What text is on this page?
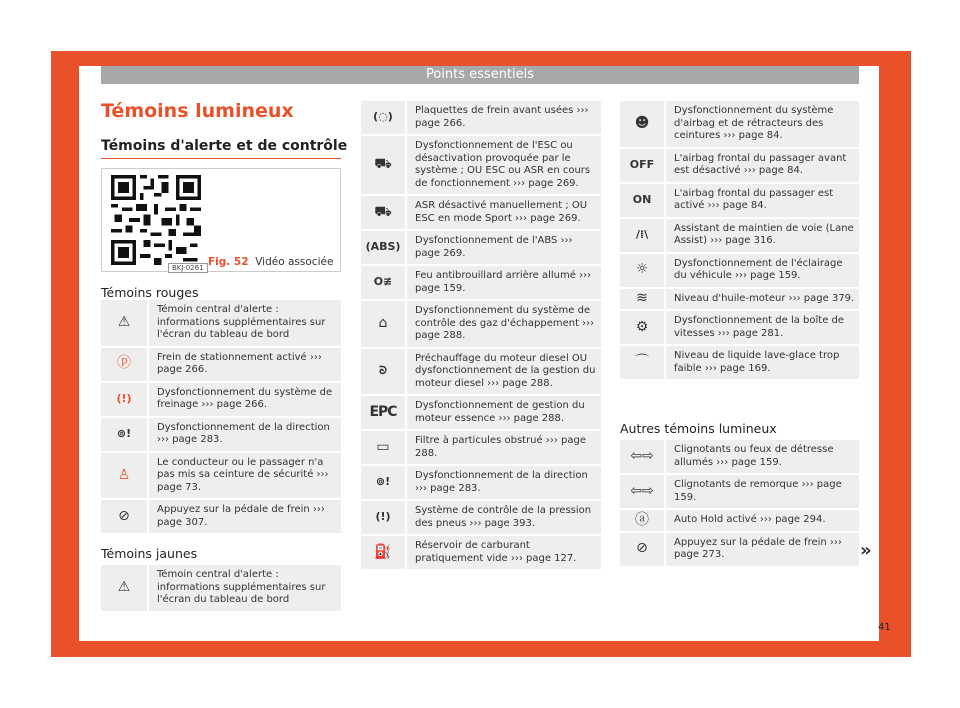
Points essentiels
Témoins lumineux
Témoins d'alerte et de contrôle
BKJ-0261 Fig. 52 Vidéo associée
Témoins rouges
⚠	Témoin central d'alerte : informations supplémentaires sur l'écran du tableau de bord
ⓟ	Frein de stationnement activé ››› page 266.
(!)	Dysfonctionnement du système de freinage ››› page 266.
⊚!	Dysfonctionnement de la direction ››› page 283.
♙	Le conducteur ou le passager n'a pas mis sa ceinture de sécurité ››› page 73.
⊘	Appuyez sur la pédale de frein ››› page 307.
Témoins jaunes
⚠	Témoin central d'alerte : informations supplémentaires sur l'écran du tableau de bord
(◌)	Plaquettes de frein avant usées ››› page 266.
⛟	Dysfonctionnement de l'ESC ou désactivation provoquée par le système ; OU ESC ou ASR en cours de fonctionnement ››› page 269.
⛟	ASR désactivé manuellement ; OU ESC en mode Sport ››› page 269.
(ABS)	Dysfonctionnement de l'ABS ››› page 269.
O≢	Feu antibrouillard arrière allumé ››› page 159.
⌂	Dysfonctionnement du système de contrôle des gaz d'échappement ››› page 288.
ᘐ	Préchauffage du moteur diesel OU dysfonctionnement de la gestion du moteur diesel ››› page 288.
EPC	Dysfonctionnement de gestion du moteur essence ››› page 288.
▭	Filtre à particules obstrué ››› page 288.
⊚!	Dysfonctionnement de la direction ››› page 283.
(!)	Système de contrôle de la pression des pneus ››› page 393.
⛽	Réservoir de carburant pratiquement vide ››› page 127.
☻	Dysfonctionnement du système d'airbag et de rétracteurs des ceintures ››› page 84.
OFF	L'airbag frontal du passager avant est désactivé ››› page 84.
ON	L'airbag frontal du passager est activé ››› page 84.
/⁞\	Assistant de maintien de voie (Lane Assist) ››› page 316.
☼	Dysfonctionnement de l'éclairage du véhicule ››› page 159.
≋	Niveau d'huile-moteur ››› page 379.
⚙	Dysfonctionnement de la boîte de vitesses ››› page 281.
⌒	Niveau de liquide lave-glace trop faible ››› page 169.
Autres témoins lumineux
⇦⇨	Clignotants ou feux de détresse allumés ››› page 159.
⇦⇨	Clignotants de remorque ››› page 159.
ⓐ	Auto Hold activé ››› page 294.
⊘	Appuyez sur la pédale de frein ››› page 273.	»
41
